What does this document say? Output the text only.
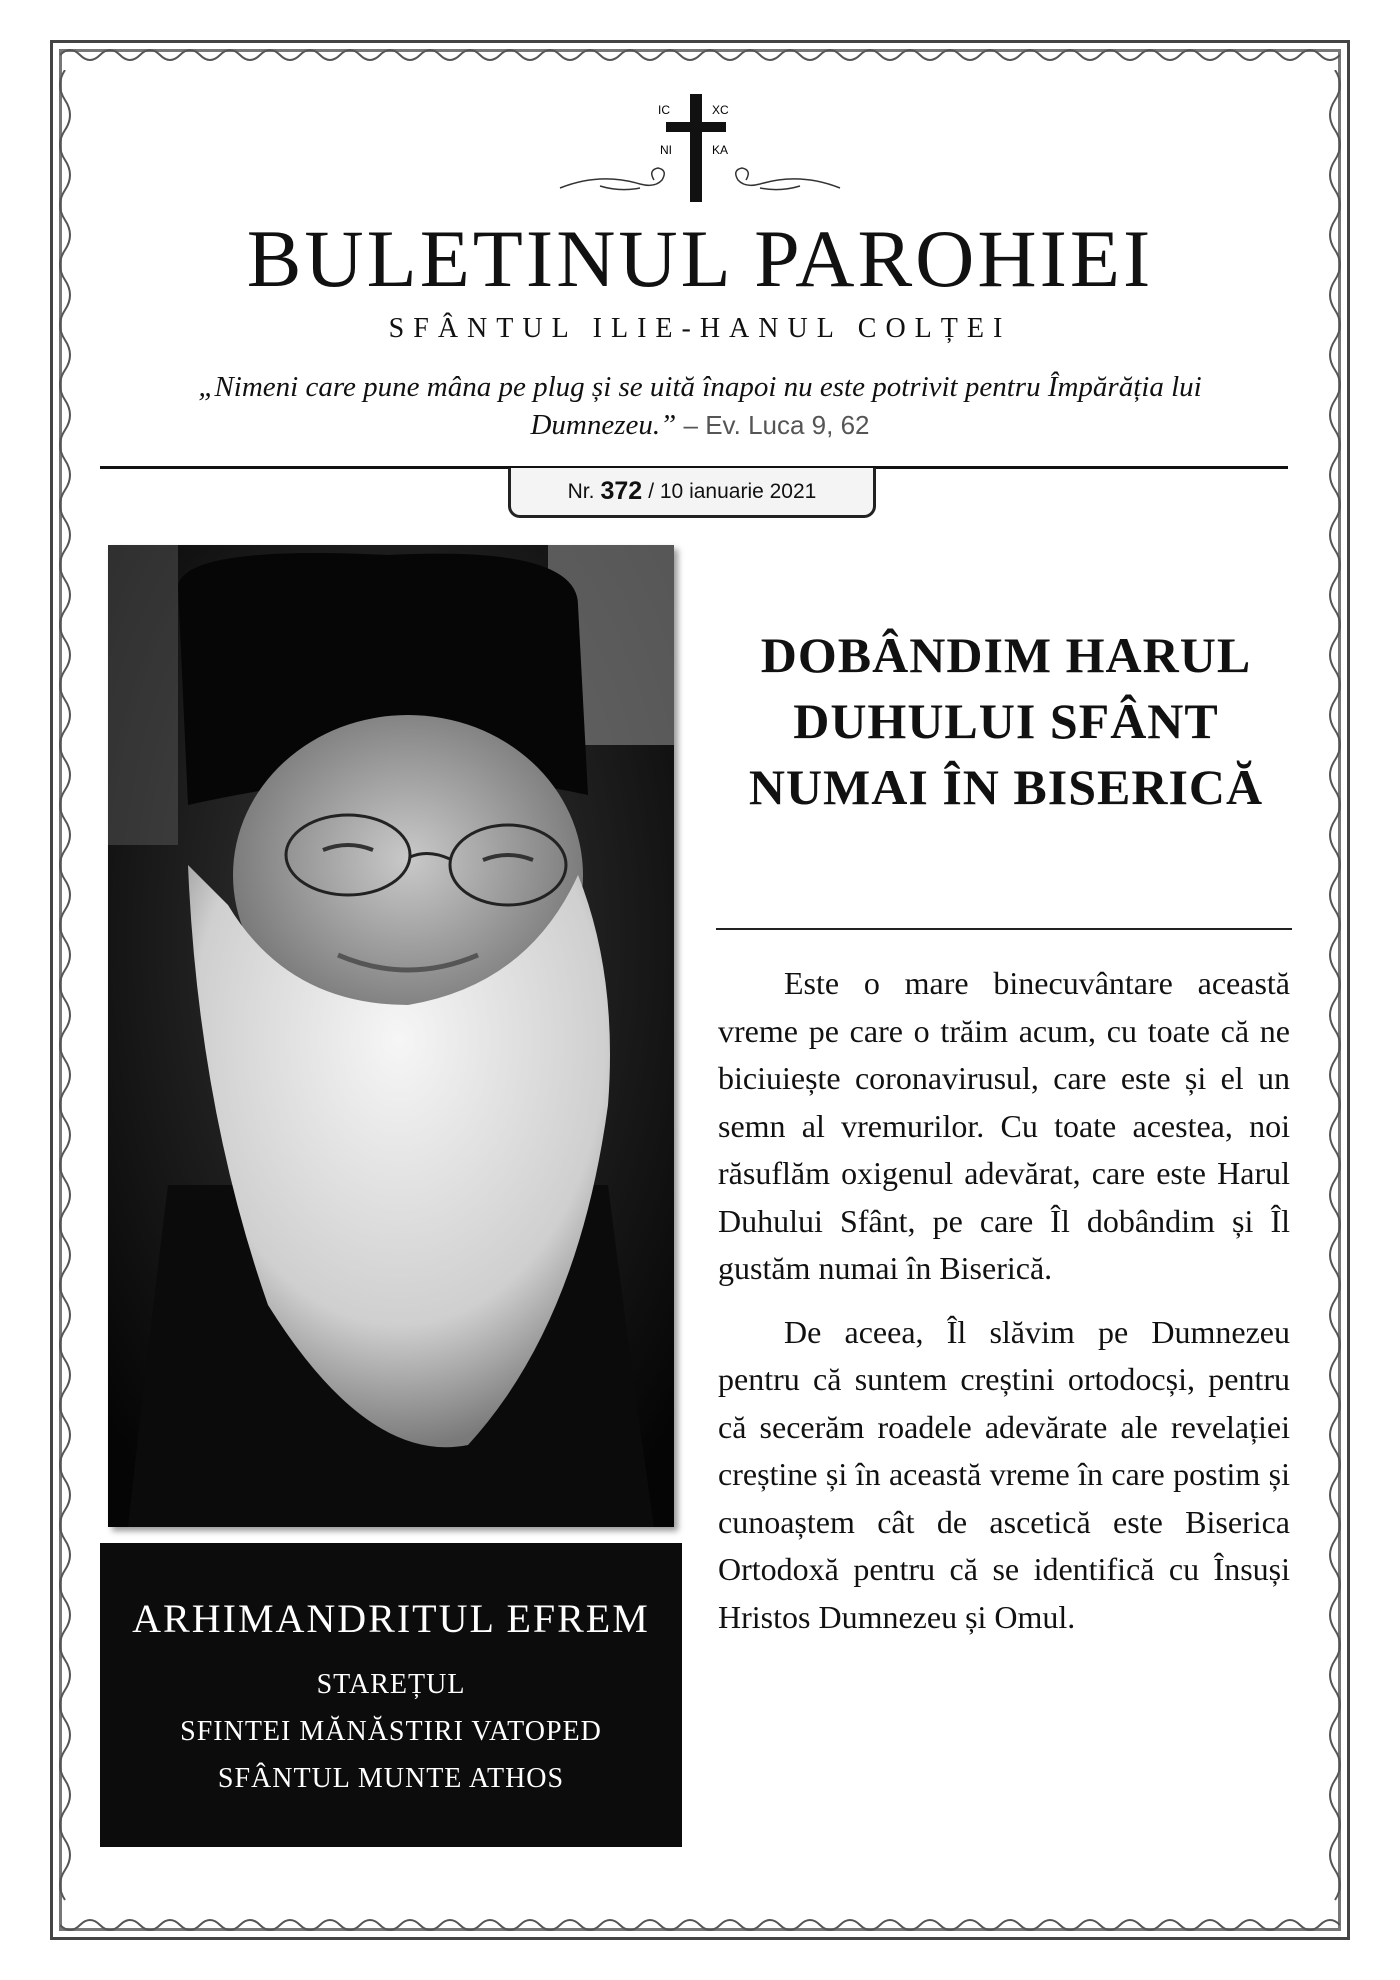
IC	XC
NI	KA
BULETINUL PAROHIEI
SFÂNTUL ILIE-HANUL COLȚEI
„Nimeni care pune mâna pe plug și se uită înapoi nu este potrivit pentru Împărăția lui Dumnezeu.” – Ev. Luca 9, 62
Nr. 372 / 10 ianuarie 2021
ARHIMANDRITUL EFREM
STAREȚUL
SFINTEI MĂNĂSTIRI VATOPED
SFÂNTUL MUNTE ATHOS
DOBÂNDIM HARUL DUHULUI SFÂNT NUMAI ÎN BISERICĂ

Este o mare binecuvântare această vreme pe care o trăim acum, cu toate că ne biciuiește coronavirusul, care este și el un semn al vremurilor. Cu toate acestea, noi răsuflăm oxigenul adevărat, care este Harul Duhului Sfânt, pe care Îl dobândim și Îl gustăm numai în Biserică.

De aceea, Îl slăvim pe Dumnezeu pentru că suntem creștini ortodocși, pentru că secerăm roadele adevărate ale revelației creștine și în această vreme în care postim și cunoaștem cât de ascetică este Biserica Ortodoxă pentru că se identifică cu Însuși Hristos Dumnezeu și Omul.
